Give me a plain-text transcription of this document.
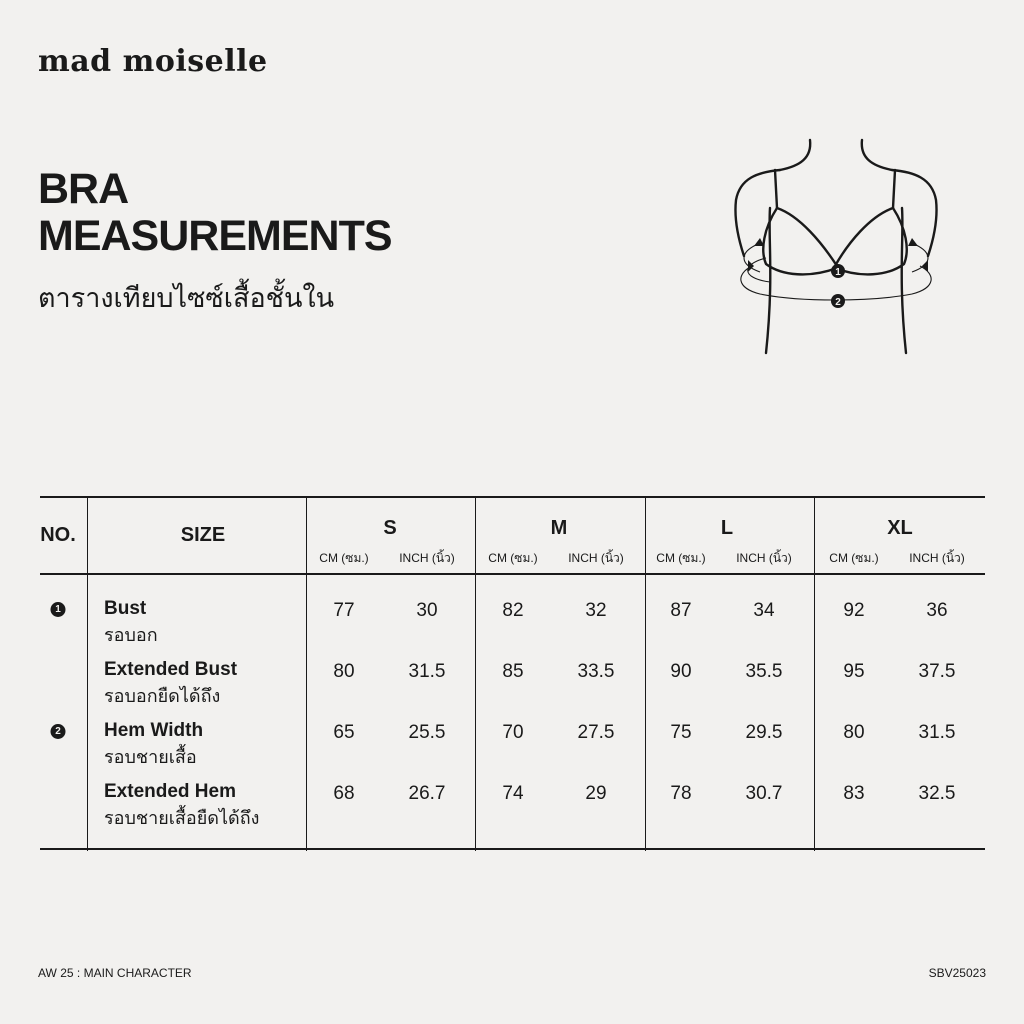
mad moiselle
BRA
MEASUREMENTS
ตารางเทียบไซซ์เสื้อชั้นใน
1
2
NO.	SIZE	S
CM (ซม.)	INCH (นิ้ว)
M
CM (ซม.)	INCH (นิ้ว)
L
CM (ซม.)	INCH (นิ้ว)
XL
CM (ซม.)	INCH (นิ้ว)
1 Bust
รอบอก
77	30	82	32	87	34	92	36
Extended Bust
รอบอกยืดได้ถึง
80	31.5	85	33.5	90	35.5	95	37.5
2 Hem Width
รอบชายเสื้อ
65	25.5	70	27.5	75	29.5	80	31.5
Extended Hem
รอบชายเสื้อยืดได้ถึง
68	26.7	74	29	78	30.7	83	32.5
AW 25 : MAIN CHARACTER	SBV25023
